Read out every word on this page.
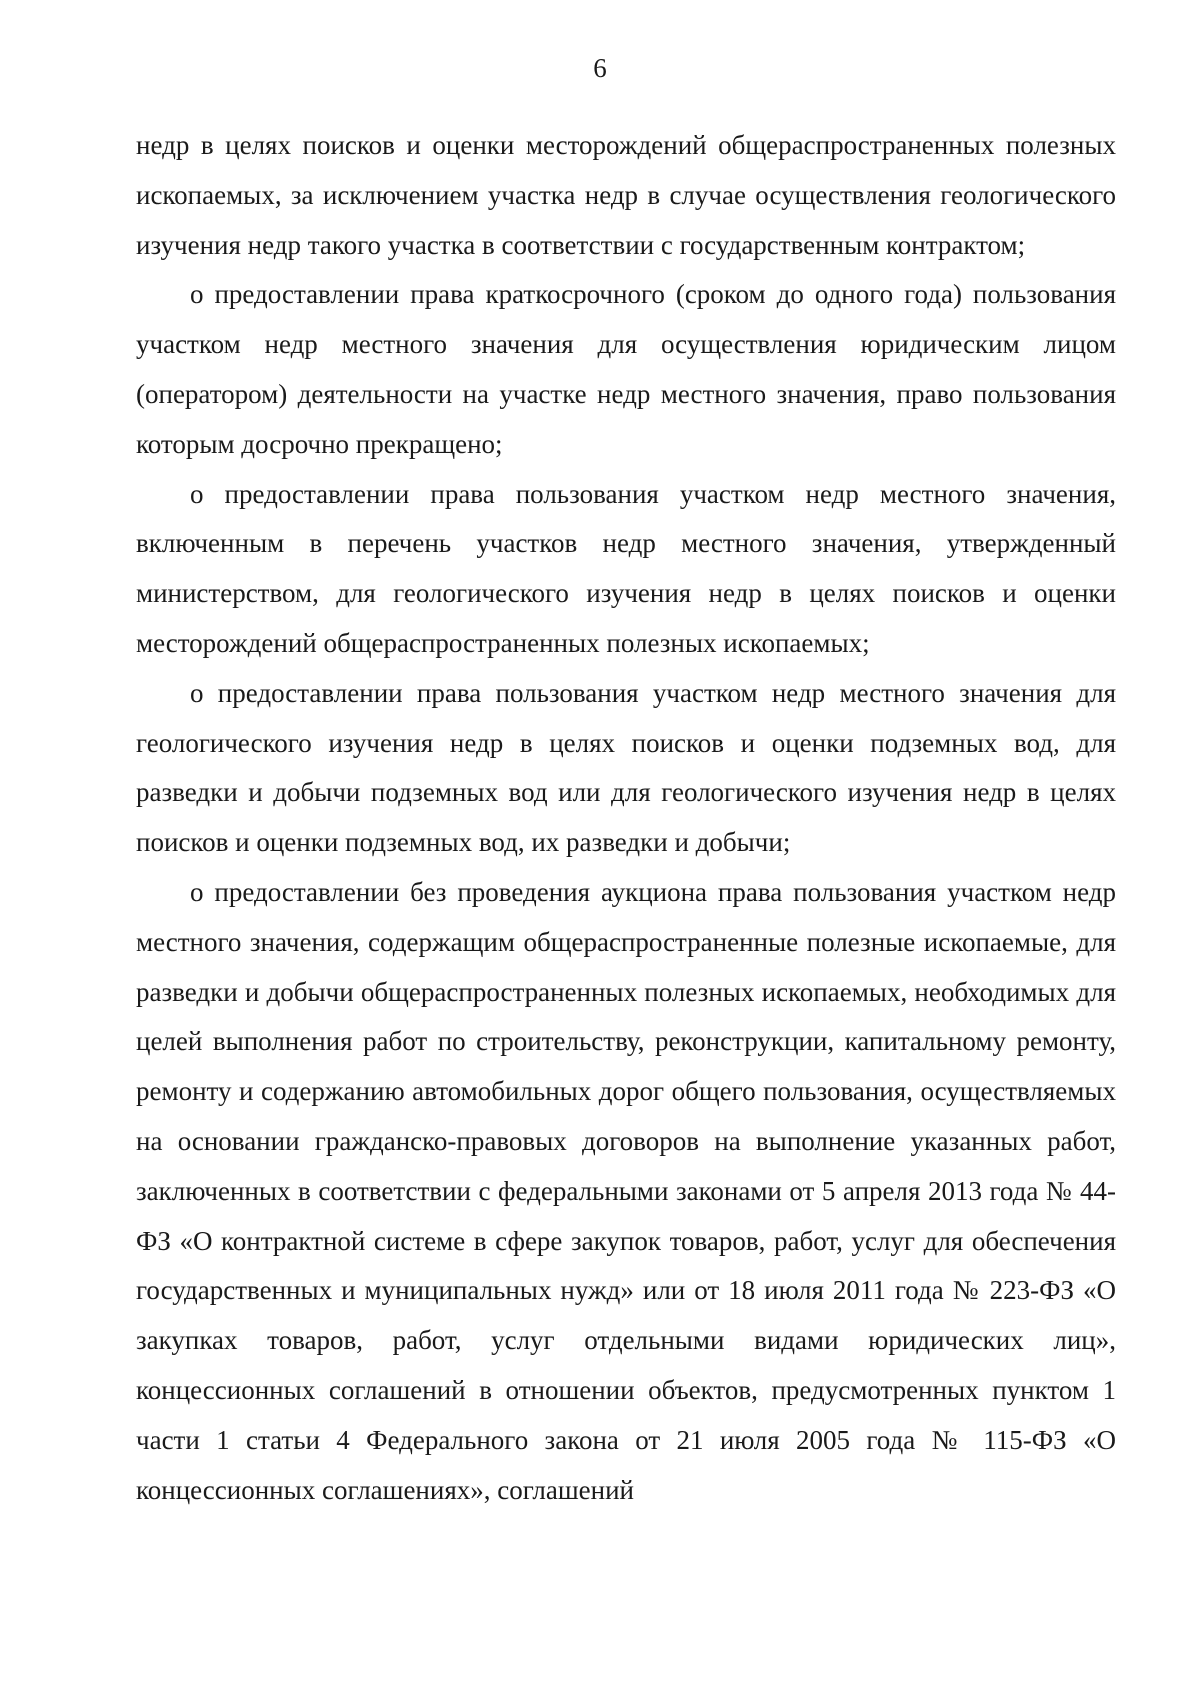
6

недр в целях поисков и оценки месторождений общераспространенных полезных ископаемых, за исключением участка недр в случае осуществления геологического изучения недр такого участка в соответствии с государственным контрактом;

о предоставлении права краткосрочного (сроком до одного года) пользования участком недр местного значения для осуществления юридическим лицом (оператором) деятельности на участке недр местного значения, право пользования которым досрочно прекращено;

о предоставлении права пользования участком недр местного значения, включенным в перечень участков недр местного значения, утвержденный министерством, для геологического изучения недр в целях поисков и оценки месторождений общераспространенных полезных ископаемых;

о предоставлении права пользования участком недр местного значения для геологического изучения недр в целях поисков и оценки подземных вод, для разведки и добычи подземных вод или для геологического изучения недр в целях поисков и оценки подземных вод, их разведки и добычи;

о предоставлении без проведения аукциона права пользования участком недр местного значения, содержащим общераспространенные полезные ископаемые, для разведки и добычи общераспространенных полезных ископаемых, необходимых для целей выполнения работ по строительству, реконструкции, капитальному ремонту, ремонту и содержанию автомобильных дорог общего пользования, осуществляемых на основании гражданско-правовых договоров на выполнение указанных работ, заключенных в соответствии с федеральными законами от 5 апреля 2013 года № 44-ФЗ «О контрактной системе в сфере закупок товаров, работ, услуг для обеспечения государственных и муниципальных нужд» или от 18 июля 2011 года № 223-ФЗ «О закупках товаров, работ, услуг отдельными видами юридических лиц», концессионных соглашений в отношении объектов, предусмотренных пунктом 1 части 1 статьи 4 Федерального закона от 21 июля 2005 года № 115-ФЗ «О концессионных соглашениях», соглашений
